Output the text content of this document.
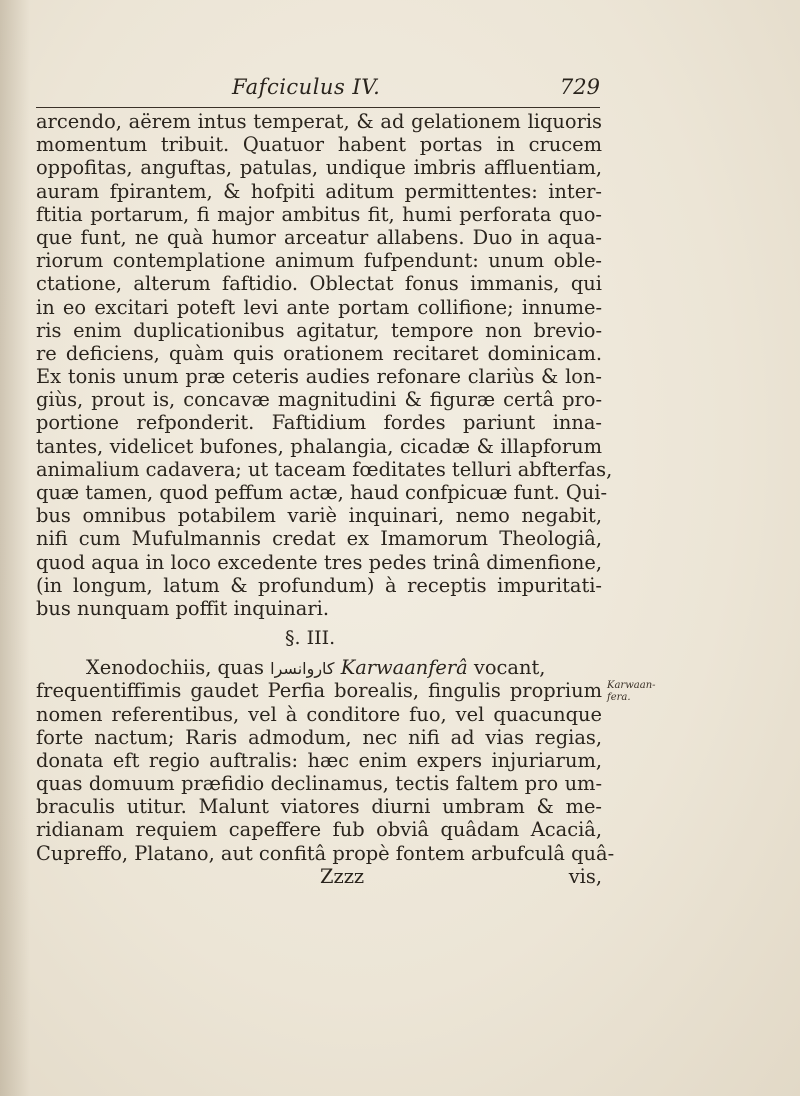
Fafciculus IV.	729
arcendo, aërem intus temperat, & ad gelationem liquoris
momentum tribuit. Quatuor habent portas in crucem
oppofitas, anguftas, patulas, undique imbris affluentiam,
auram fpirantem, & hofpiti aditum permittentes: inter-
ftitia portarum, fi major ambitus fit, humi perforata quo-
que funt, ne quà humor arceatur allabens. Duo in aqua-
riorum contemplatione animum fufpendunt: unum oble-
ctatione, alterum faftidio. Oblectat fonus immanis, qui
in eo excitari poteft levi ante portam collifione; innume-
ris enim duplicationibus agitatur, tempore non brevio-
re deficiens, quàm quis orationem recitaret dominicam.
Ex tonis unum præ ceteris audies refonare clariùs & lon-
giùs, prout is, concavæ magnitudini & figuræ certâ pro-
portione refponderit. Faftidium fordes pariunt inna-
tantes, videlicet bufones, phalangia, cicadæ & illapforum
animalium cadavera; ut taceam fœditates telluri abfterfas,
quæ tamen, quod peffum actæ, haud confpicuæ funt. Qui-
bus omnibus potabilem variè inquinari, nemo negabit,
nifi cum Mufulmannis credat ex Imamorum Theologiâ,
quod aqua in loco excedente tres pedes trinâ dimenfione,
(in longum, latum & profundum) à receptis impuritati-
bus nunquam poffit inquinari.
§. III.
Xenodochiis, quas كاروانسرا Karwaanferâ vocant,
frequentiffimis gaudet Perfia borealis, fingulis proprium
nomen referentibus, vel à conditore fuo, vel quacunque
forte nactum; Raris admodum, nec nifi ad vias regias,
donata eft regio auftralis: hæc enim expers injuriarum,
quas domuum præfidio declinamus, tectis faltem pro um-
braculis utitur. Malunt viatores diurni umbram & me-
ridianam requiem capeffere fub obviâ quâdam Acaciâ,
Cupreffo, Platano, aut confitâ propè fontem arbufculâ quâ-
Zzzz	vis,
Karwaan-fera.
